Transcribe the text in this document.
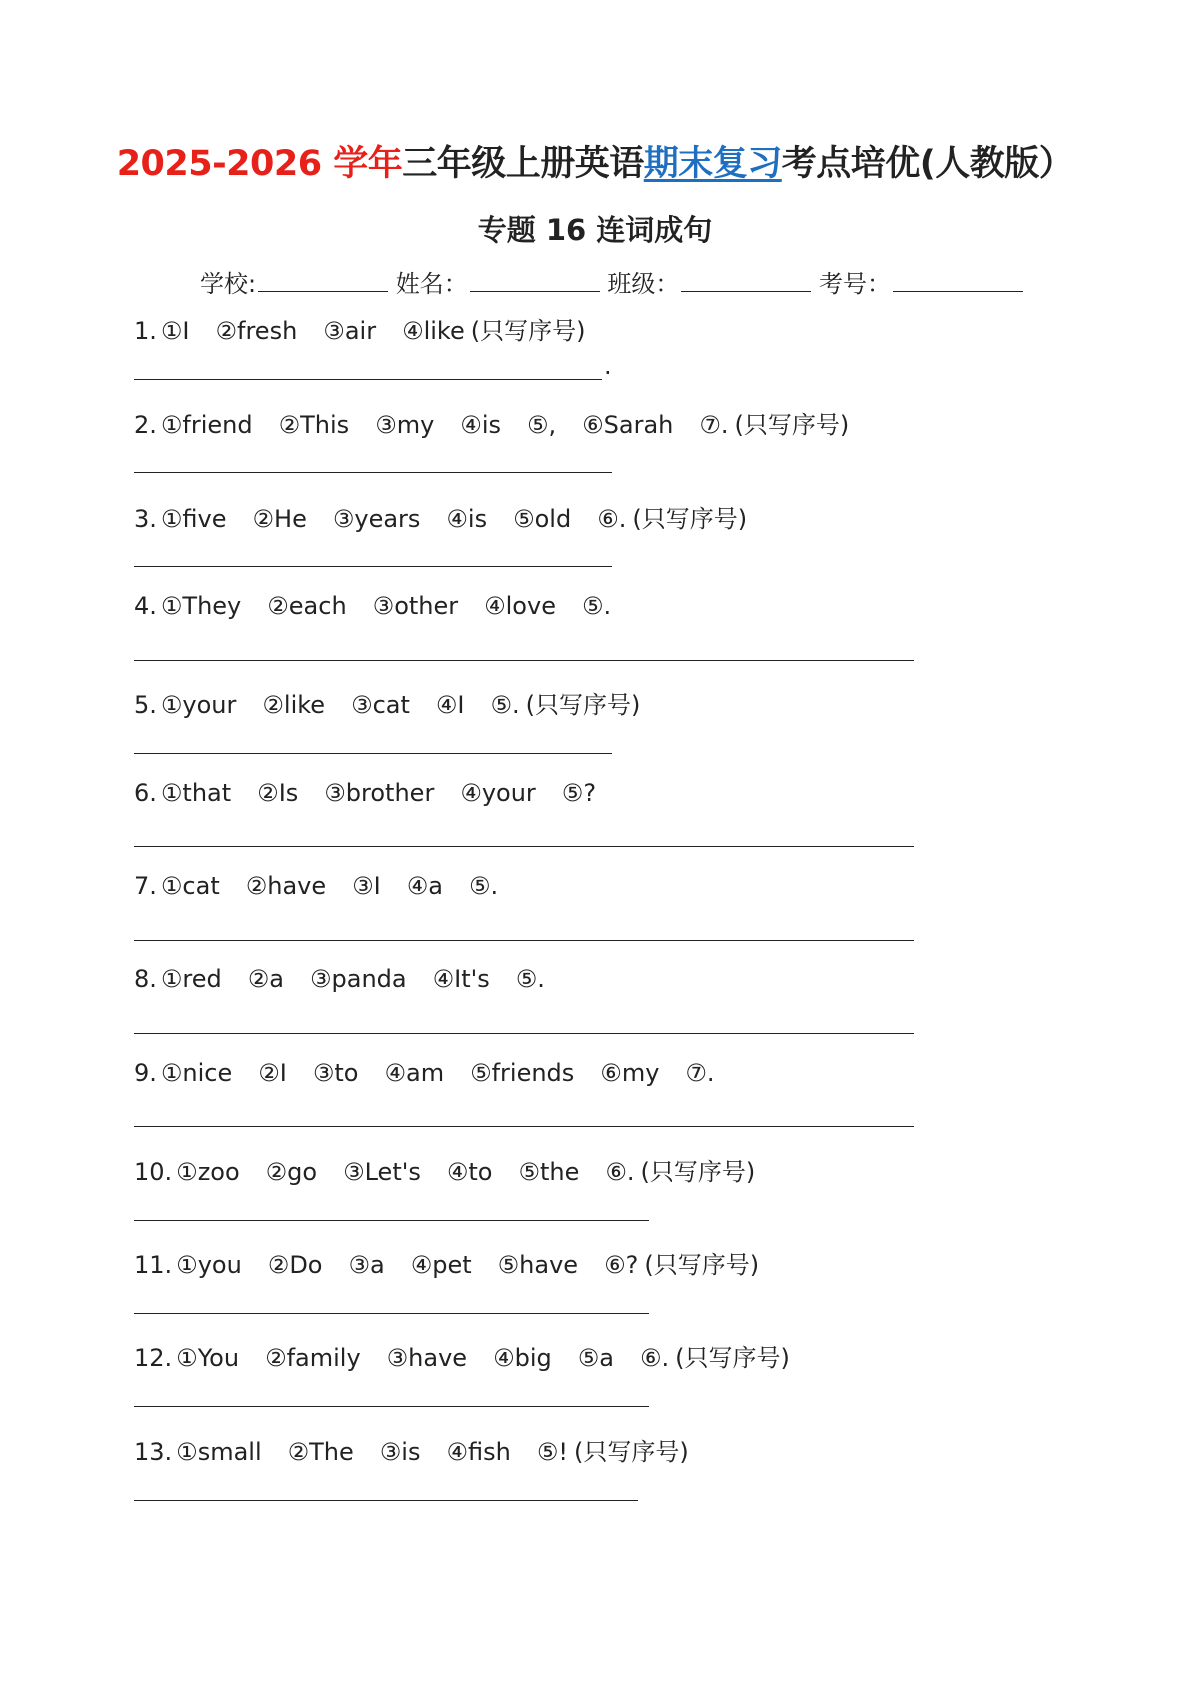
2025-2026 学年三年级上册英语期末复习考点培优(人教版）
专题 16 连词成句
学校:	姓名：	班级：	考号：
1. ①I ②fresh ③air ④like (只写序号)
2. ①friend ②This ③my ④is ⑤, ⑥Sarah ⑦. (只写序号)
3. ①five ②He ③years ④is ⑤old ⑥. (只写序号)
4. ①They ②each ③other ④love ⑤.
5. ①your ②like ③cat ④I ⑤. (只写序号)
6. ①that ②Is ③brother ④your ⑤?
7. ①cat ②have ③I ④a ⑤.
8. ①red ②a ③panda ④It's ⑤.
9. ①nice ②I ③to ④am ⑤friends ⑥my ⑦.
10. ①zoo ②go ③Let's ④to ⑤the ⑥. (只写序号)
11. ①you ②Do ③a ④pet ⑤have ⑥? (只写序号)
12. ①You ②family ③have ④big ⑤a ⑥. (只写序号)
13. ①small ②The ③is ④fish ⑤! (只写序号)
.
